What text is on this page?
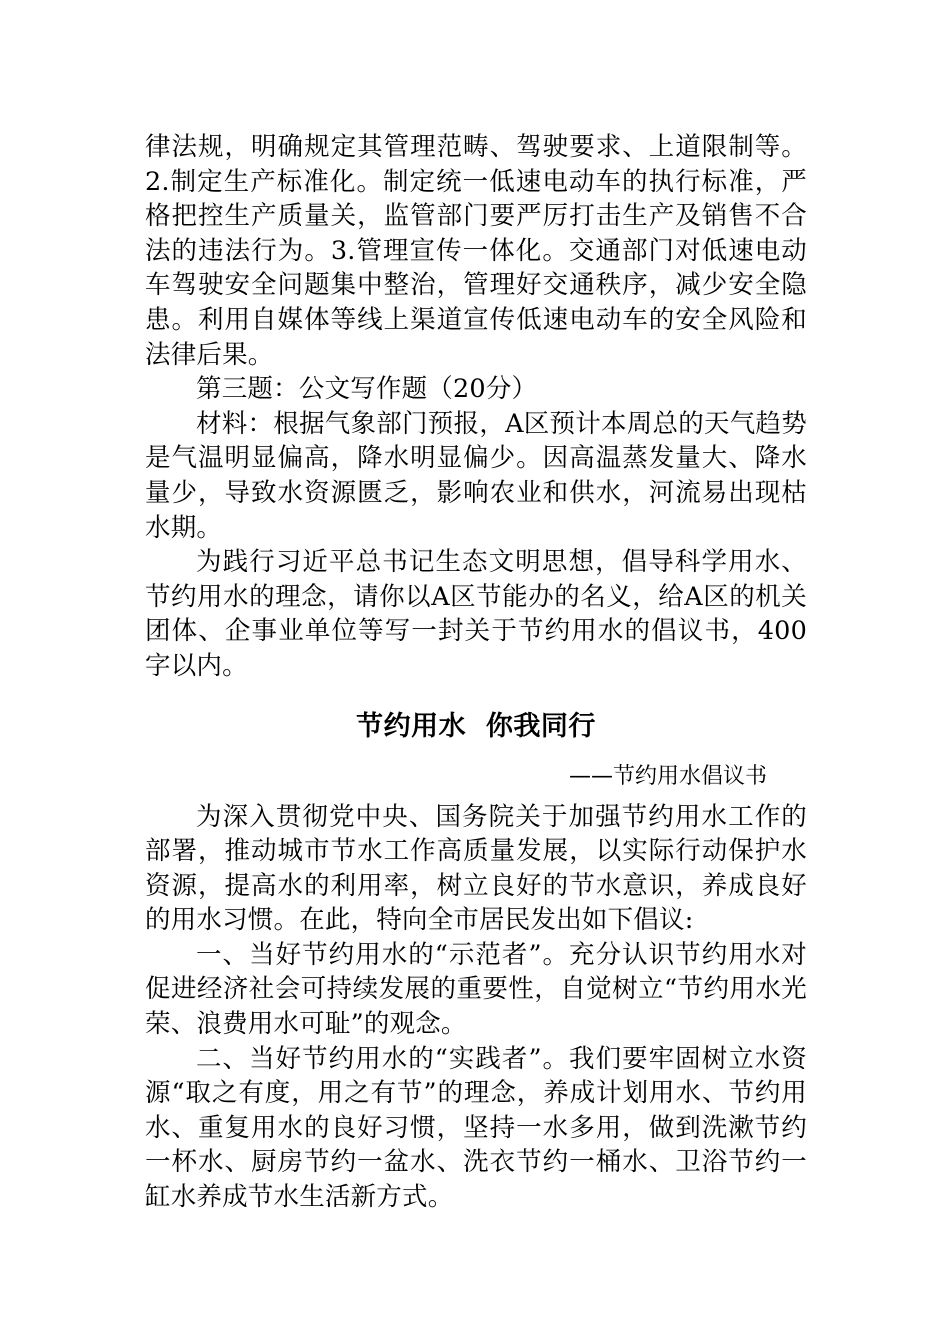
律法规，明确规定其管理范畴、驾驶要求、上道限制等。2.制定生产标准化。制定统一低速电动车的执行标准，严格把控生产质量关，监管部门要严厉打击生产及销售不合法的违法行为。3.管理宣传一体化。交通部门对低速电动车驾驶安全问题集中整治，管理好交通秩序，减少安全隐患。利用自媒体等线上渠道宣传低速电动车的安全风险和法律后果。

第三题：公文写作题（20分）

材料：根据气象部门预报，A区预计本周总的天气趋势是气温明显偏高，降水明显偏少。因高温蒸发量大、降水量少，导致水资源匮乏，影响农业和供水，河流易出现枯水期。

为践行习近平总书记生态文明思想，倡导科学用水、节约用水的理念，请你以A区节能办的名义，给A区的机关团体、企事业单位等写一封关于节约用水的倡议书，400字以内。

节约用水  你我同行

——节约用水倡议书

为深入贯彻党中央、国务院关于加强节约用水工作的部署，推动城市节水工作高质量发展，以实际行动保护水资源，提高水的利用率，树立良好的节水意识，养成良好的用水习惯。在此，特向全市居民发出如下倡议:

一、当好节约用水的“示范者”。充分认识节约用水对促进经济社会可持续发展的重要性，自觉树立“节约用水光荣、浪费用水可耻”的观念。

二、当好节约用水的“实践者”。我们要牢固树立水资源“取之有度，用之有节”的理念，养成计划用水、节约用水、重复用水的良好习惯，坚持一水多用，做到洗漱节约一杯水、厨房节约一盆水、洗衣节约一桶水、卫浴节约一缸水养成节水生活新方式。
